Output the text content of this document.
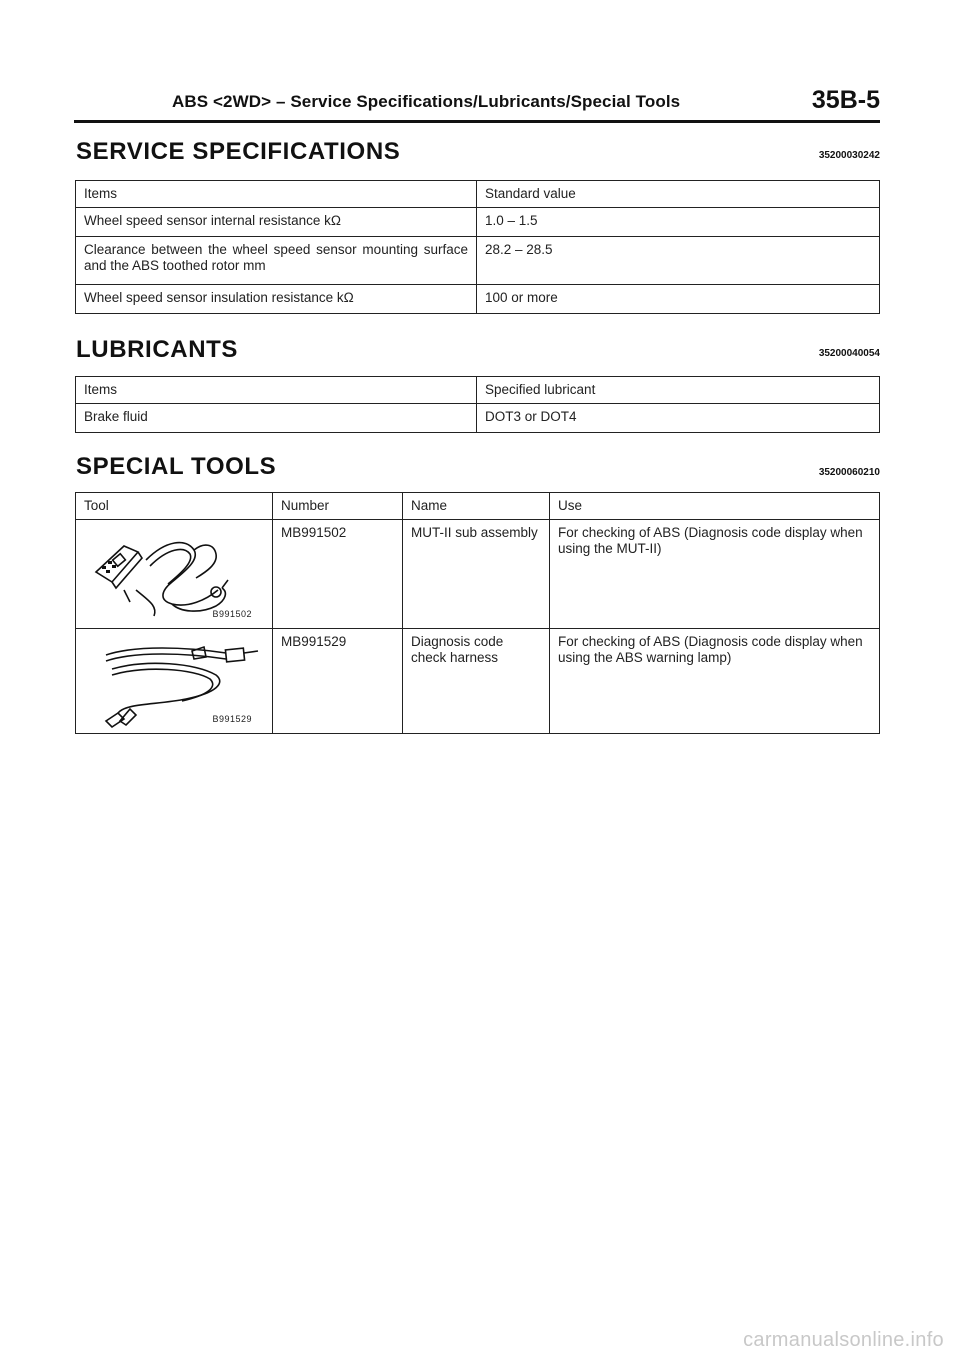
ABS <2WD> – Service Specifications/Lubricants/Special Tools	35B-5
SERVICE SPECIFICATIONS	35200030242
Items	Standard value
Wheel speed sensor internal resistance kΩ	1.0 – 1.5
Clearance between the wheel speed sensor mounting surface and the ABS toothed rotor mm	28.2 – 28.5
Wheel speed sensor insulation resistance kΩ	100 or more
LUBRICANTS	35200040054
Items	Specified lubricant
Brake fluid	DOT3 or DOT4
SPECIAL TOOLS	35200060210
Tool	Number	Name	Use

B991502	MB991502	MUT-II sub assembly	For checking of ABS (Diagnosis code display when using the MUT-II)

B991529	MB991529	Diagnosis code check harness	For checking of ABS (Diagnosis code display when using the ABS warning lamp)
carmanualsonline.info
